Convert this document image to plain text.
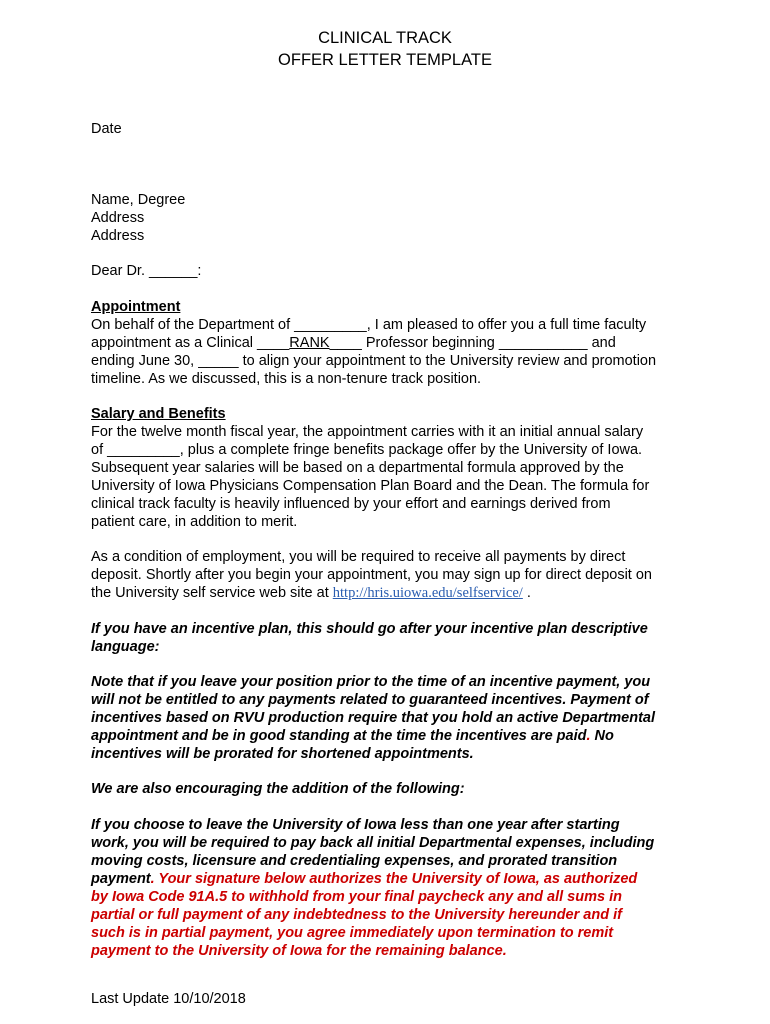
CLINICAL TRACK
OFFER LETTER TEMPLATE
Date
Name, Degree
Address
Address
Dear Dr. ______:
Appointment
On behalf of the Department of _________, I am pleased to offer you a full time faculty
appointment as a Clinical ____RANK____ Professor beginning ___________ and
ending June 30, _____ to align your appointment to the University review and promotion
timeline. As we discussed, this is a non-tenure track position.
Salary and Benefits
For the twelve month fiscal year, the appointment carries with it an initial annual salary
of _________, plus a complete fringe benefits package offer by the University of Iowa.
Subsequent year salaries will be based on a departmental formula approved by the
University of Iowa Physicians Compensation Plan Board and the Dean. The formula for
clinical track faculty is heavily influenced by your effort and earnings derived from
patient care, in addition to merit.
As a condition of employment, you will be required to receive all payments by direct
deposit. Shortly after you begin your appointment, you may sign up for direct deposit on
the University self service web site at http://hris.uiowa.edu/selfservice/ .
If you have an incentive plan, this should go after your incentive plan descriptive
language:
Note that if you leave your position prior to the time of an incentive payment, you
will not be entitled to any payments related to guaranteed incentives. Payment of
incentives based on RVU production require that you hold an active Departmental
appointment and be in good standing at the time the incentives are paid. No
incentives will be prorated for shortened appointments.
We are also encouraging the addition of the following:
If you choose to leave the University of Iowa less than one year after starting
work, you will be required to pay back all initial Departmental expenses, including
moving costs, licensure and credentialing expenses, and prorated transition
payment. Your signature below authorizes the University of Iowa, as authorized
by Iowa Code 91A.5 to withhold from your final paycheck any and all sums in
partial or full payment of any indebtedness to the University hereunder and if
such is in partial payment, you agree immediately upon termination to remit
payment to the University of Iowa for the remaining balance.
Last Update 10/10/2018
